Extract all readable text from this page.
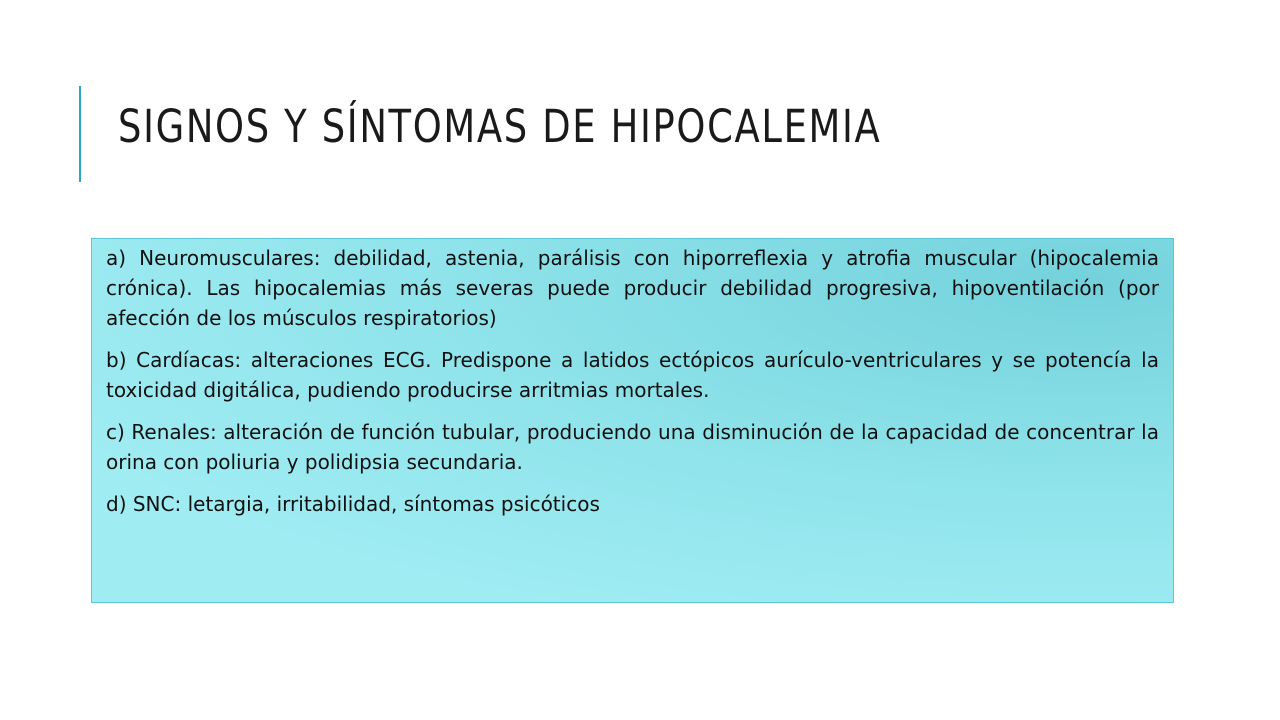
SIGNOS Y SÍNTOMAS DE HIPOCALEMIA

a) Neuromusculares: debilidad, astenia, parálisis con hiporreflexia y atrofia muscular (hipocalemia crónica). Las hipocalemias más severas puede producir debilidad progresiva, hipoventilación (por afección de los músculos respiratorios)

b) Cardíacas: alteraciones ECG. Predispone a latidos ectópicos aurículo-ventriculares y se potencía la toxicidad digitálica, pudiendo producirse arritmias mortales.

c) Renales: alteración de función tubular, produciendo una disminución de la capacidad de concentrar la orina con poliuria y polidipsia secundaria.

d) SNC: letargia, irritabilidad, síntomas psicóticos
